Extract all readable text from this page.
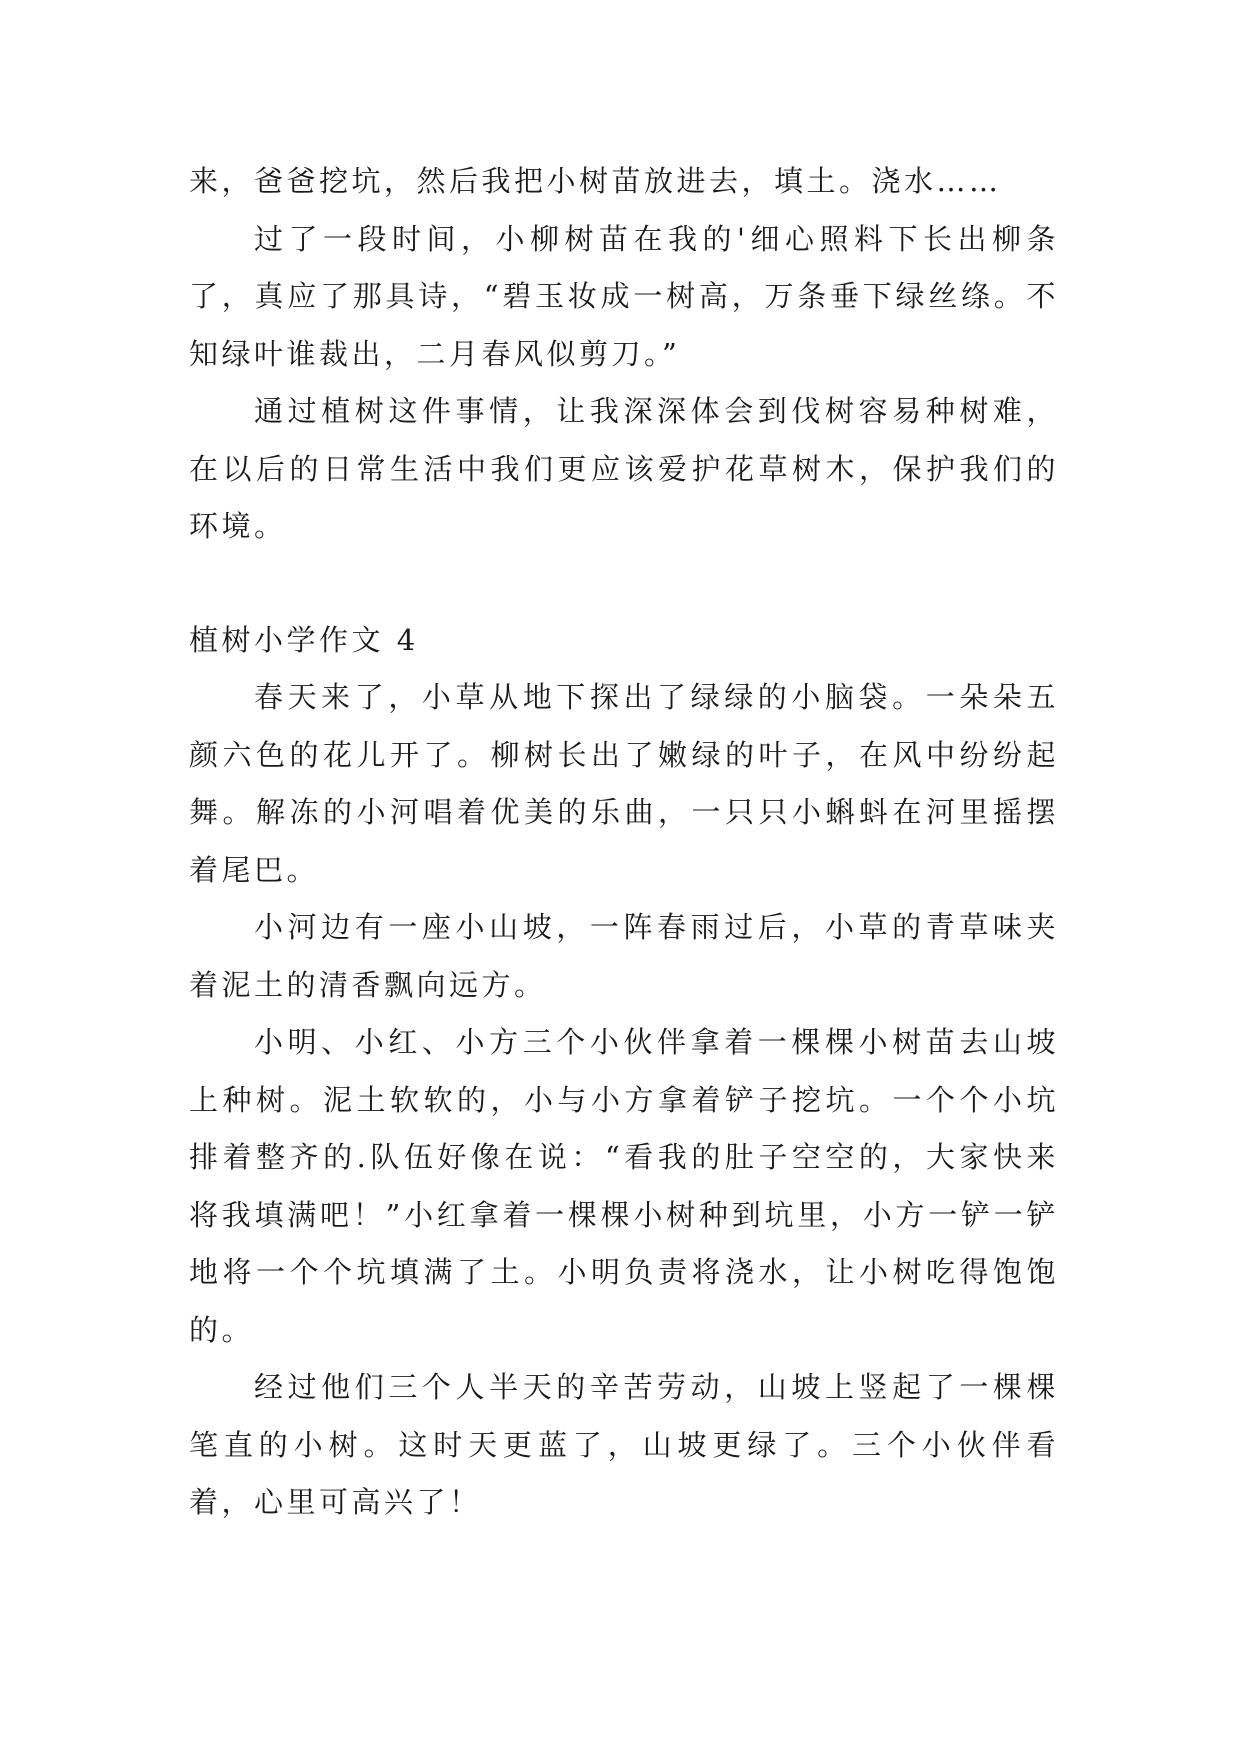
来，爸爸挖坑，然后我把小树苗放进去，填土。浇水……

过了一段时间，小柳树苗在我的'细心照料下长出柳条了，真应了那具诗，“碧玉妆成一树高，万条垂下绿丝绦。不知绿叶谁裁出，二月春风似剪刀。”

通过植树这件事情，让我深深体会到伐树容易种树难，在以后的日常生活中我们更应该爱护花草树木，保护我们的环境。

植树小学作文 4

春天来了，小草从地下探出了绿绿的小脑袋。一朵朵五颜六色的花儿开了。柳树长出了嫩绿的叶子，在风中纷纷起舞。解冻的小河唱着优美的乐曲，一只只小蝌蚪在河里摇摆着尾巴。

小河边有一座小山坡，一阵春雨过后，小草的青草味夹着泥土的清香飘向远方。

小明、小红、小方三个小伙伴拿着一棵棵小树苗去山坡上种树。泥土软软的，小与小方拿着铲子挖坑。一个个小坑排着整齐的.队伍好像在说：“看我的肚子空空的，大家快来将我填满吧！”小红拿着一棵棵小树种到坑里，小方一铲一铲地将一个个坑填满了土。小明负责将浇水，让小树吃得饱饱的。

经过他们三个人半天的辛苦劳动，山坡上竖起了一棵棵笔直的小树。这时天更蓝了，山坡更绿了。三个小伙伴看着，心里可高兴了！
